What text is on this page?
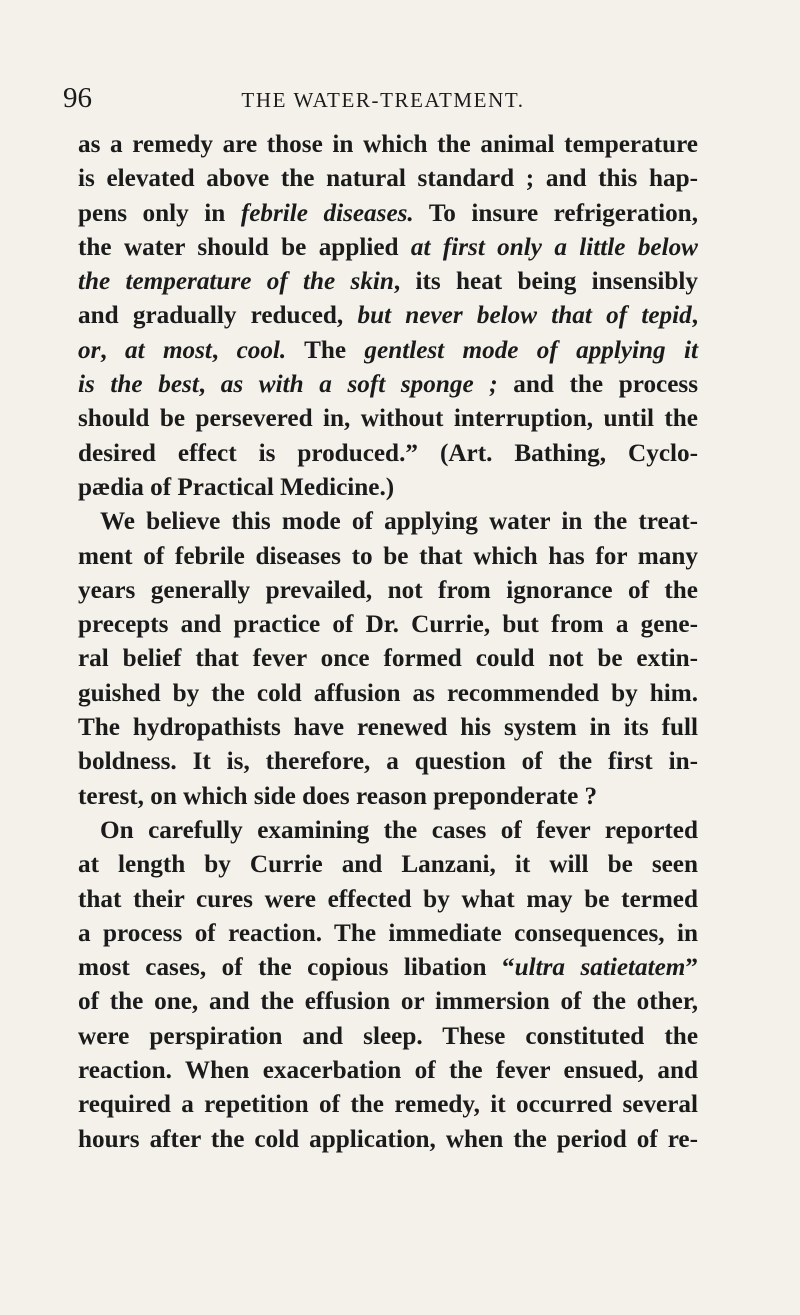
96	THE WATER-TREATMENT.
as a remedy are those in which the animal temperature
is elevated above the natural standard ; and this hap-
pens only in febrile diseases. To insure refrigeration,
the water should be applied at first only a little below
the temperature of the skin, its heat being insensibly
and gradually reduced, but never below that of tepid,
or, at most, cool. The gentlest mode of applying it
is the best, as with a soft sponge ; and the process
should be persevered in, without interruption, until the
desired effect is produced.” (Art. Bathing, Cyclo-
pædia of Practical Medicine.)
We believe this mode of applying water in the treat-
ment of febrile diseases to be that which has for many
years generally prevailed, not from ignorance of the
precepts and practice of Dr. Currie, but from a gene-
ral belief that fever once formed could not be extin-
guished by the cold affusion as recommended by him.
The hydropathists have renewed his system in its full
boldness. It is, therefore, a question of the first in-
terest, on which side does reason preponderate ?
On carefully examining the cases of fever reported
at length by Currie and Lanzani, it will be seen
that their cures were effected by what may be termed
a process of reaction. The immediate consequences, in
most cases, of the copious libation “ultra satietatem”
of the one, and the effusion or immersion of the other,
were perspiration and sleep. These constituted the
reaction. When exacerbation of the fever ensued, and
required a repetition of the remedy, it occurred several
hours after the cold application, when the period of re-
